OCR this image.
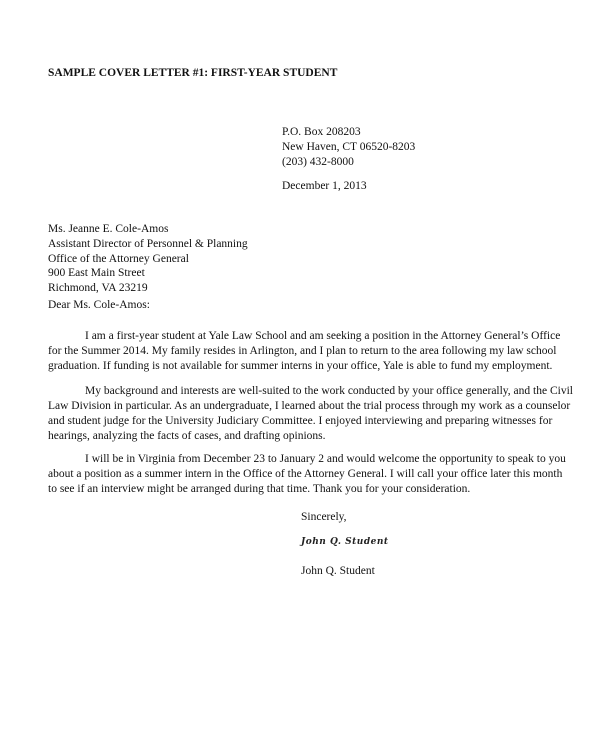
SAMPLE COVER LETTER #1: FIRST-YEAR STUDENT
P.O. Box 208203
New Haven, CT 06520-8203
(203) 432-8000
December 1, 2013
Ms. Jeanne E. Cole-Amos
Assistant Director of Personnel & Planning
Office of the Attorney General
900 East Main Street
Richmond, VA 23219
Dear Ms. Cole-Amos:
I am a first-year student at Yale Law School and am seeking a position in the Attorney General’s Office
for the Summer 2014. My family resides in Arlington, and I plan to return to the area following my law school
graduation. If funding is not available for summer interns in your office, Yale is able to fund my employment.
My background and interests are well-suited to the work conducted by your office generally, and the Civil
Law Division in particular. As an undergraduate, I learned about the trial process through my work as a counselor
and student judge for the University Judiciary Committee. I enjoyed interviewing and preparing witnesses for
hearings, analyzing the facts of cases, and drafting opinions.
I will be in Virginia from December 23 to January 2 and would welcome the opportunity to speak to you
about a position as a summer intern in the Office of the Attorney General. I will call your office later this month
to see if an interview might be arranged during that time. Thank you for your consideration.
Sincerely,
John Q. Student
John Q. Student
